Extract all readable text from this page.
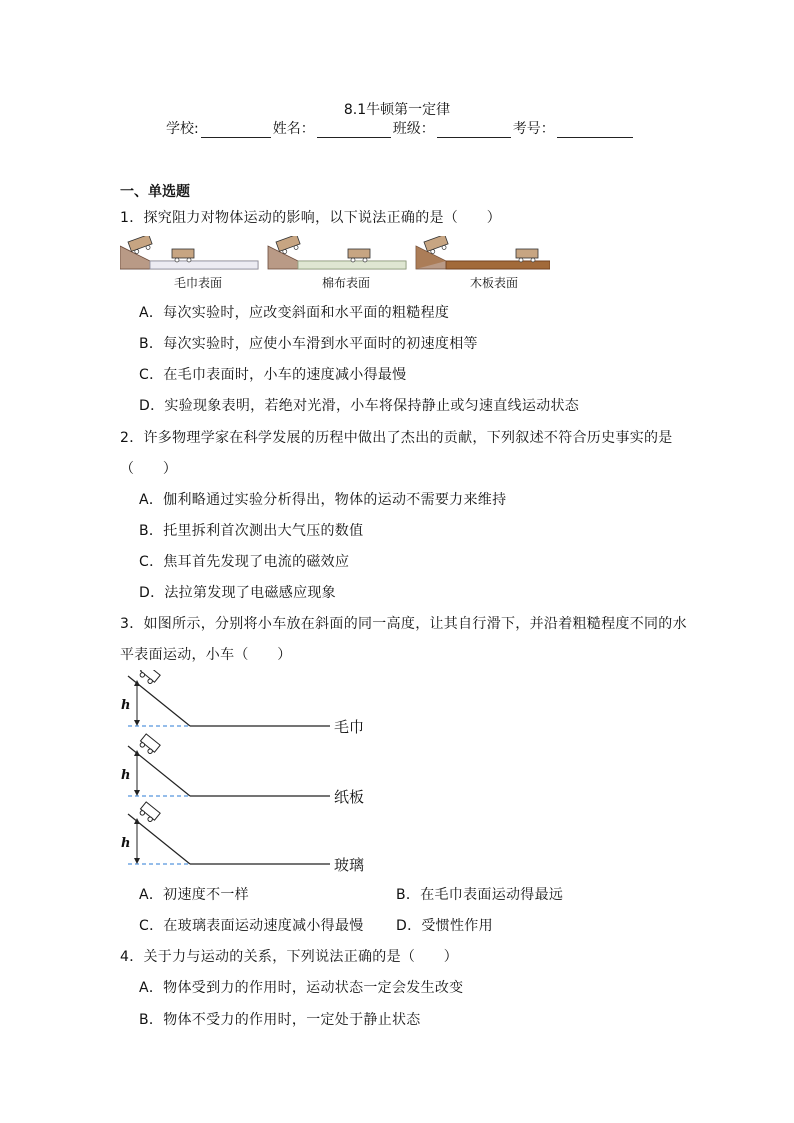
8.1牛顿第一定律
学校:	姓名：	班级：	考号：
一、单选题
1．探究阻力对物体运动的影响，以下说法正确的是（　　）
毛巾表面	棉布表面	木板表面
A．每次实验时，应改变斜面和水平面的粗糙程度
B．每次实验时，应使小车滑到水平面时的初速度相等
C．在毛巾表面时，小车的速度减小得最慢
D．实验现象表明，若绝对光滑，小车将保持静止或匀速直线运动状态
2．许多物理学家在科学发展的历程中做出了杰出的贡献，下列叙述不符合历史事实的是
（　　）
A．伽利略通过实验分析得出，物体的运动不需要力来维持
B．托里拆利首次测出大气压的数值
C．焦耳首先发现了电流的磁效应
D．法拉第发现了电磁感应现象
3．如图所示，分别将小车放在斜面的同一高度，让其自行滑下，并沿着粗糙程度不同的水
平表面运动，小车（　　）
h
h
h
毛巾
纸板
玻璃
A．初速度不一样	B．在毛巾表面运动得最远
C．在玻璃表面运动速度减小得最慢 D．受惯性作用
4．关于力与运动的关系，下列说法正确的是（　　）
A．物体受到力的作用时，运动状态一定会发生改变
B．物体不受力的作用时，一定处于静止状态
